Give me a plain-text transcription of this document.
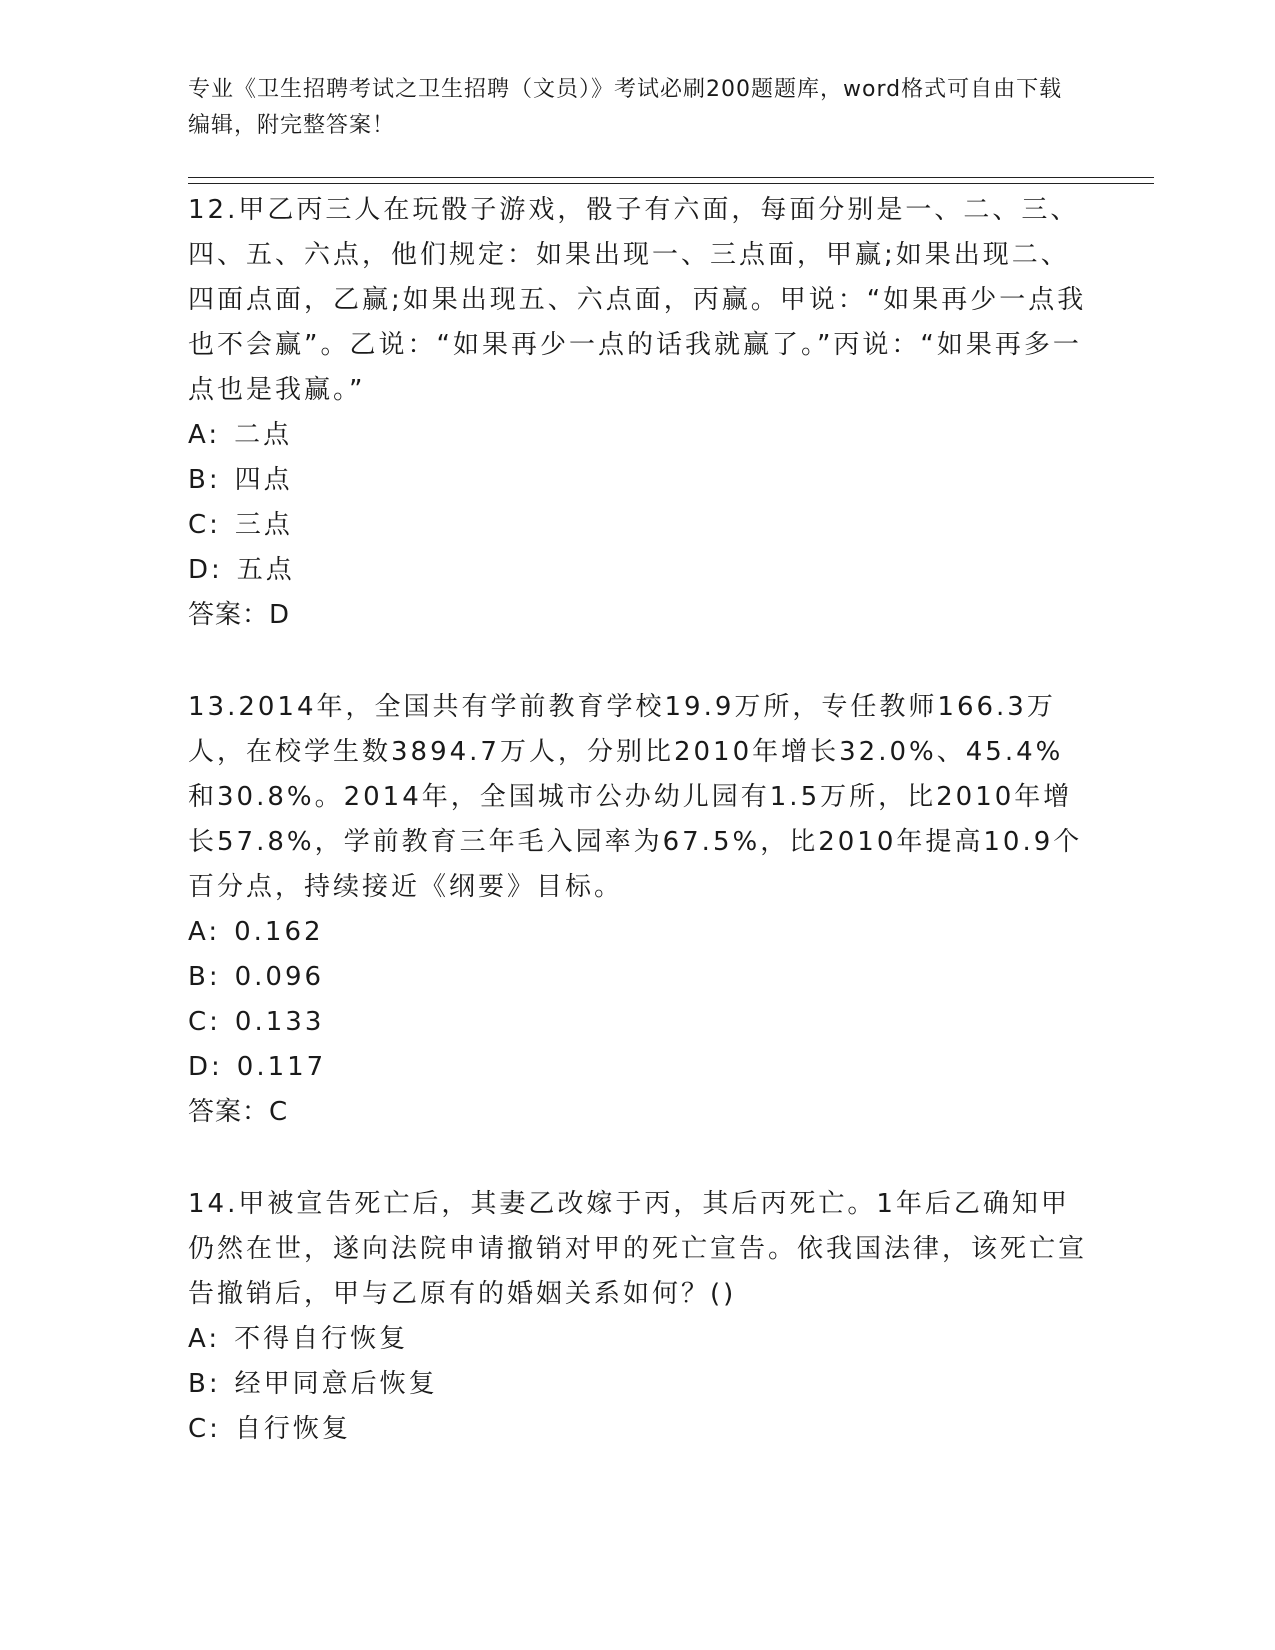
专业《卫生招聘考试之卫生招聘（文员）》考试必刷200题题库，word格式可自由下载编辑，附完整答案！

12.甲乙丙三人在玩骰子游戏，骰子有六面，每面分别是一、二、三、四、五、六点，他们规定：如果出现一、三点面，甲赢;如果出现二、四面点面，乙赢;如果出现五、六点面，丙赢。甲说：“如果再少一点我也不会赢”。乙说：“如果再少一点的话我就赢了。”丙说：“如果再多一点也是我赢。”

A: 二点

B: 四点

C: 三点

D: 五点

答案：D

13.2014年，全国共有学前教育学校19.9万所，专任教师166.3万人，在校学生数3894.7万人，分别比2010年增长32.0%、45.4%和30.8%。2014年，全国城市公办幼儿园有1.5万所，比2010年增长57.8%，学前教育三年毛入园率为67.5%，比2010年提高10.9个百分点，持续接近《纲要》目标。

A: 0.162

B: 0.096

C: 0.133

D: 0.117

答案：C

14.甲被宣告死亡后，其妻乙改嫁于丙，其后丙死亡。1年后乙确知甲仍然在世，遂向法院申请撤销对甲的死亡宣告。依我国法律，该死亡宣告撤销后，甲与乙原有的婚姻关系如何？()

A: 不得自行恢复

B: 经甲同意后恢复

C: 自行恢复
